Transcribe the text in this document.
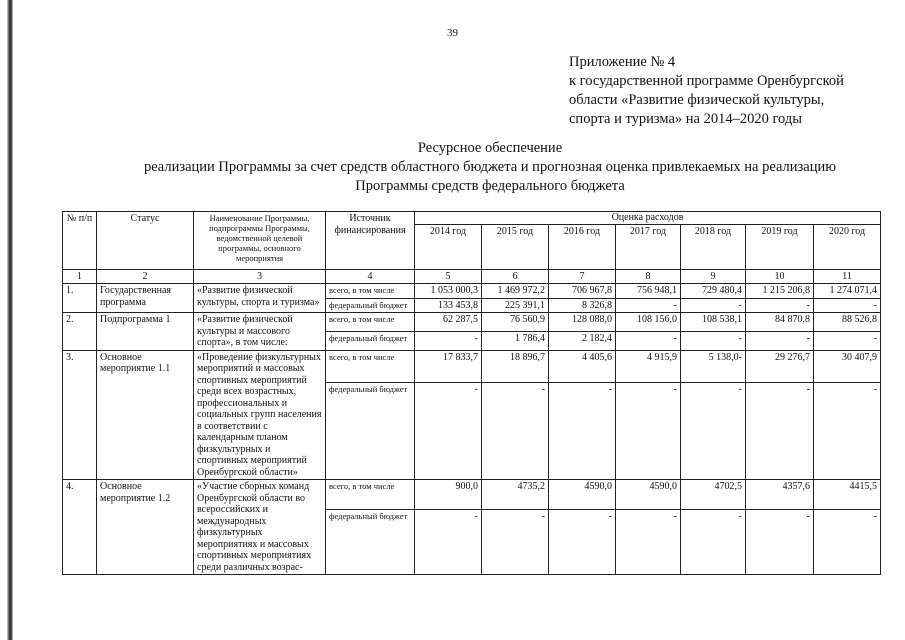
39
Приложение № 4
к государственной программе Оренбургской
области «Развитие физической культуры,
спорта и туризма» на 2014–2020 годы
Ресурсное обеспечение
реализации Программы за счет средств областного бюджета и прогнозная оценка привлекаемых на реализацию
Программы средств федерального бюджета
№ п/п	Статус	Наименование Программы, подпрограммы Программы, ведомственной целевой программы, основного мероприятия	Источник финансирования	Оценка расходов						
				2014 год	2015 год	2016 год	2017 год	2018 год	2019 год	2020 год
1	2	3	4	5	6	7	8	9	10	11
1.	Государственная программа	«Развитие физической культуры, спорта и туризма»	всего, в том числе	1 053 000,3	1 469 972,2	706 967,8	756 948,1	729 480,4	1 215 206,8	1 274 071,4
			федеральный бюджет	133 453,8	225 391,1	8 326,8	-	-	-	-
2.	Подпрограмма 1	«Развитие физической культуры и массового спорта», в том числе:	всего, в том числе	62 287,5	76 560,9	128 088,0	108 156,0	108 538,1	84 870,8	88 526,8
			федеральный бюджет	-	1 786,4	2 182,4	-	-	-	-
3.	Основное мероприятие 1.1	«Проведение физкультурных мероприятий и массовых спортивных мероприятий среди всех возрастных, профессиональных и социальных групп населения в соответствии с календарным планом физкультурных и спортивных мероприятий Оренбургской области»	всего, в том числе	17 833,7	18 896,7	4 405,6	4 915,9	5 138,0-	29 276,7	30 407,9
			федеральный бюджет	-	-	-	-	-	-	-
4.	Основное мероприятие 1.2	«Участие сборных команд Оренбургской области во всероссийских и международных физкультурных мероприятиях и массовых спортивных мероприятиях среди различных возрас-	всего, в том числе	900,0	4735,2	4590,0	4590,0	4702,5	4357,6	4415,5
			федеральный бюджет	-	-	-	-	-	-	-
